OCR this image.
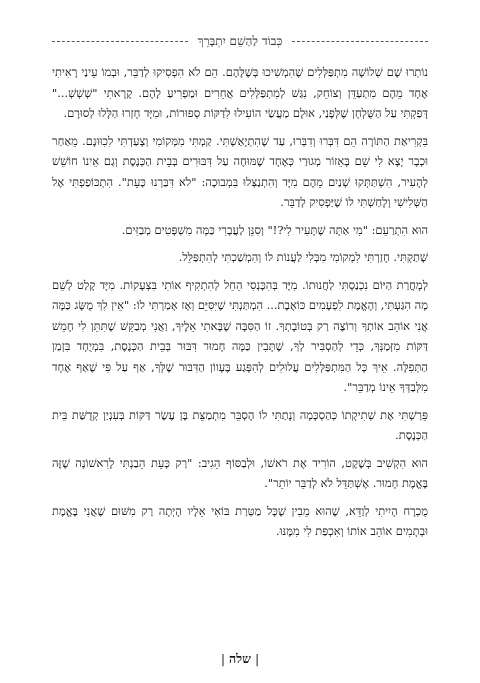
כְּבוֹד לַהַשֵׁם יִתְבָּרֵךְ

נוֹתְרוּ שָׁם שְׁלוֹשָׁה מִתְפַּלְּלִים שֶׁהִמְשִׁיכוּ בְּשֶׁלָּהֶם. הֵם לֹא הִפְסִיקוּ לְדַבֵּר, וּבְמוֹ עֵינַי רָאִיתִי אֶחָד מֵהֶם מִתְעַדֵּן וְצוֹחֵק, נִגַּשׁ לְמִתְפַּלְּלִים אֲחֵרִים וּמַפְרִיעַ לָהֶם. קָרָאתִי "שְׁשְׁשְׁ..." דָּפַקְתִּי עַל הַשֻּׁלְחָן שֶׁלְּפָנַי, אוּלָם מַעֲשַׂי הוֹעִילוּ לִדַקּוֹת סְפוּרוֹת, וּמִיָּד חָזְרוּ הַלָּלוּ לְסוּרָם.

בִּקְרִיאַת הַתּוֹרָה הֵם דִּבְּרוּ וְדִבְּרוּ, עַד שֶׁהִתְיָאַשְׁתִּי. קַמְתִּי מִמְּקוֹמִי וְצָעַדְתִּי לִכִוּוּנָם. מֵאַחַר וּכְבָר יָצָא לִי שֵׁם בָּאֵזוֹר מְגוּרַי כְּאֶחָד שֶׁמּוּחֶה עַל דִּבּוּרִים בְּבֵית הַכְּנֶסֶת וְגַם אֵינוֹ חוֹשֵׁשׁ לְהָעִיר, הִשְׁתַּתְּקוּ שְׁנַיִם מֵהֶם מִיָּד וְהִתְנַצְּלוּ בִּמְבוּכָה: "לֹא דִּבַּרְנוּ כָּעֵת". הִתְכּוֹפַפְתִּי אֶל הַשְּׁלִישִׁי וְלָחַשְׁתִּי לוֹ שֶׁיַּפְסִיק לְדַבֵּר.

הוּא הִתְרַעֵם: "מִי אַתָּה שֶׁתָּעִיר לִי?!" וְסִנֵּן לַעֲבָרִי כַּמָּה מִשְׁפָּטִים מְבַזִּים.

שָׁתַקְתִּי. חָזַרְתִּי לִמְקוֹמִי מִבְּלִי לַעֲנוֹת לוֹ וְהִמְשַׁכְתִּי לְהִתְפַּלֵּל.

לְמָחֳרַת הַיּוֹם נִכְנַסְתִּי לַחֲנוּתוֹ. מִיָּד בְּהִכָּנְסִי הֵחֵל לְהִתְקִיף אוֹתִי בִּצְעָקוֹת. מִיָּד קָלַט לְשֵׁם מָה הִגַּעְתִּי, וְהָאֱמֶת לִפְעָמִים כּוֹאֶבֶת... הִמְתַּנְתִּי שֶׁיִּסִּיֵּם וְאָז אָמַרְתִּי לוֹ: "אֵין לִךְ מֻשָּׂג כַּמָּה אֲנִי אוֹהֵב אוֹתְךָ וְרוֹצֶה רַק בְּטוֹבָתְךָ. זוֹ הַסִּבָּה שֶׁבָּאתִי אֵלֶיךָ, וַאֲנִי מְבַקֵּשׁ שֶׁתִּתֵּן לִי חָמֵשׁ דַּקּוֹת מִזְּמַנְּךָ, כְּדֵי לְהַסְבִּיר לְךָ, שֶׁתָּבִין כַּמָּה חָמוּר דִּבּוּר בְּבֵית הַכְּנֶסֶת, בִּמְיֻחָד בִּזְמַן הַתְּפִלָּה. אֵיךְ כָּל הַמִּתְפַּלְּלִים עֲלוּלִים לְהִפָּגַע בֶּעָווֹן הַדִּבּוּר שֶׁלְּךָ, אַף עַל פִּי שֶׁאַף אֶחָד מִלְּבַדְּךָ אֵינוֹ מְדַבֵּר".

פֵּרַשְׁתִּי אֶת שְׁתִיקָתוֹ כְּהַסְכָּמָה וְנָתַתִּי לוֹ הֶסְבֵּר מִתְמַצֵּת בֶּן עֶשֶׂר דַּקּוֹת בְּעִנְיַן קְדֻשַּׁת בֵּית הַכְּנֶסֶת.

הוּא הִקְשִׁיב בְּשֶׁקֶט, הוֹרִיד אֶת רֹאשׁוֹ, וּלְבַסּוֹף הֵגִיב: "רַק כָּעֵת הֵבַנְתִּי לָרִאשׁוֹנָה שֶׁזֶּה בֶּאֱמֶת חָמוּר. אֶשְׁתַּדֵּל לֹא לְדַבֵּר יוֹתֵר".

מֻכְרָח הָיִיתִי לְוַדֵּא, שֶׁהוּא מֵבִין שֶׁכָּל מַטְּרַת בּוֹאִי אֵלָיו הָיְתָה רַק מִשּׁוּם שֶׁאֲנִי בֶּאֱמֶת וּבְתָמִים אוֹהֵב אוֹתוֹ וְאִכְפַּת לִי מִמֶּנּוּ.

|שלה|
